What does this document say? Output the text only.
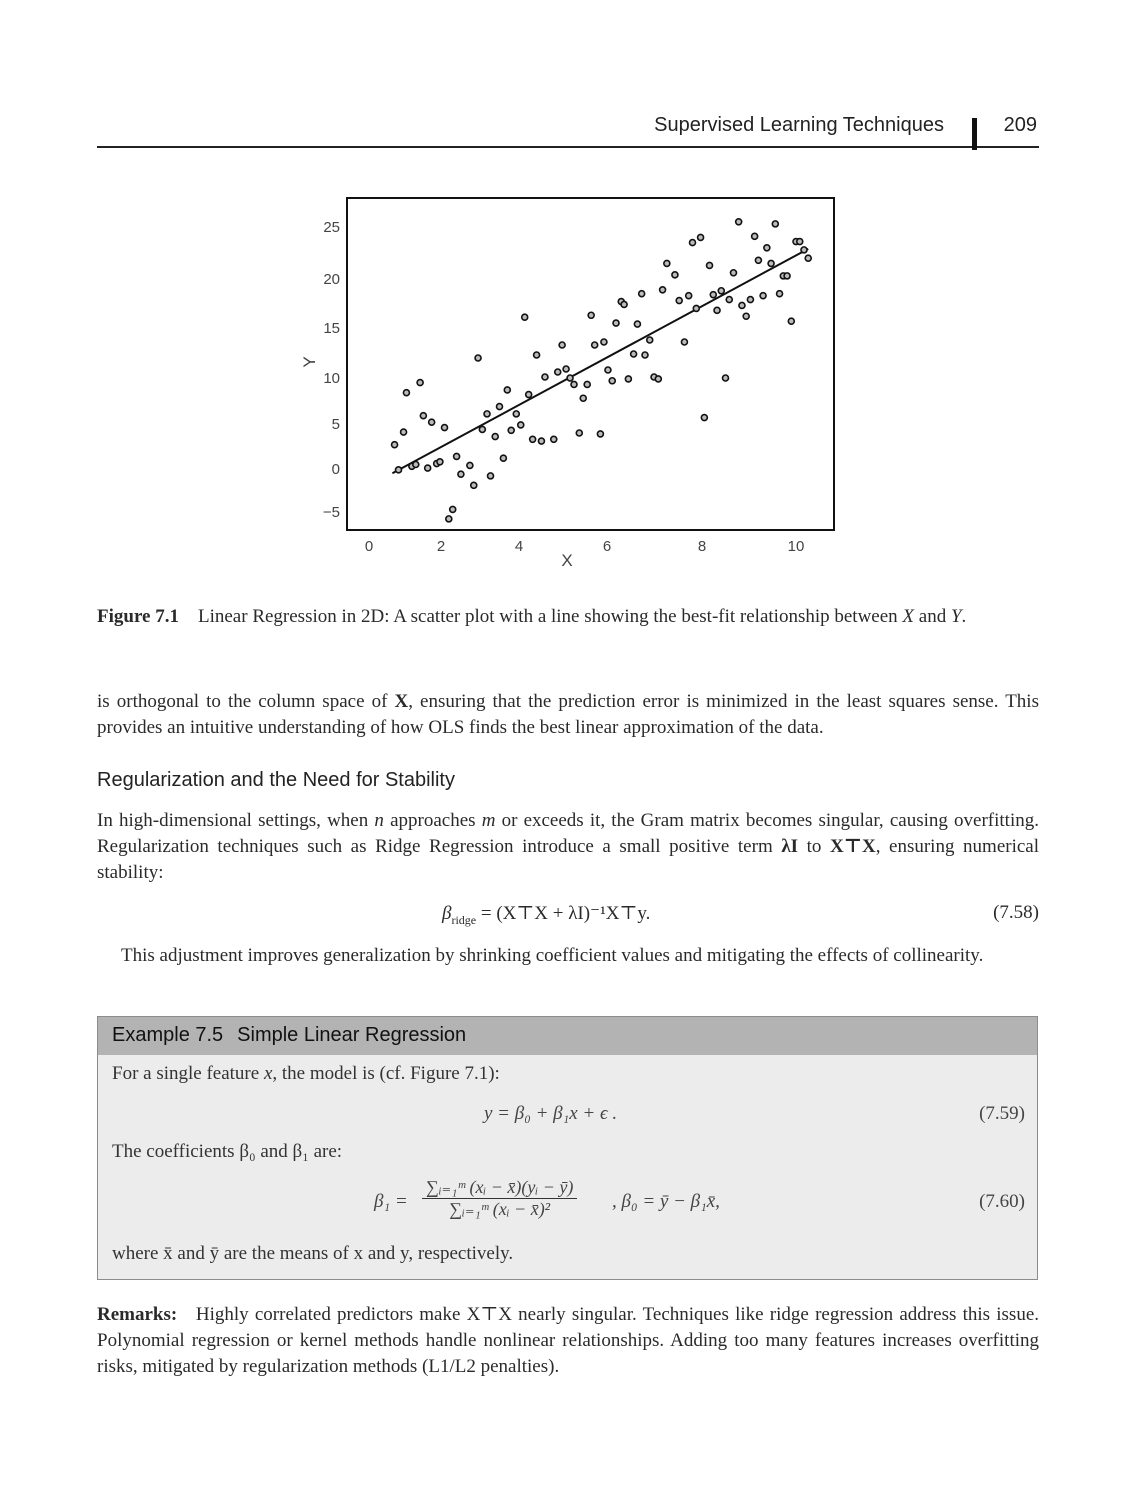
Supervised Learning Techniques	209
0	2	4	6	8	10
−5
0
5
10
15
20
25
X
Y
Figure 7.1 Linear Regression in 2D: A scatter plot with a line showing the best-fit relationship between X and Y.
is orthogonal to the column space of X, ensuring that the prediction error is minimized in the least squares sense. This provides an intuitive understanding of how OLS finds the best linear approximation of the data.
Regularization and the Need for Stability
In high-dimensional settings, when n approaches m or exceeds it, the Gram matrix becomes singular, causing overfitting. Regularization techniques such as Ridge Regression introduce a small positive term λI to X⊤X, ensuring numerical stability:
$\beta_{ridge}$ = (X⊤X + λI)⁻¹X⊤y.	(7.58)
This adjustment improves generalization by shrinking coefficient values and mitigating the effects of collinearity.
Example 7.5 Simple Linear Regression
For a single feature x, the model is (cf. Figure 7.1):
y = β₀ + β₁x + ϵ .	(7.59)
The coefficients β₀ and β₁ are:
$\beta_1 = \frac{\text{∑ᵢ₌₁ᵐ (xᵢ − x̄)(yᵢ − ȳ)}}{\text{∑ᵢ₌₁ᵐ (xᵢ − x̄)²}}$ , β₀ = ȳ − β₁x̄,	(7.60)
where x̄ and ȳ are the means of x and y, respectively.
Remarks: Highly correlated predictors make X⊤X nearly singular. Techniques like ridge regression address this issue. Polynomial regression or kernel methods handle nonlinear relationships. Adding too many features increases overfitting risks, mitigated by regularization methods (L1/L2 penalties).
